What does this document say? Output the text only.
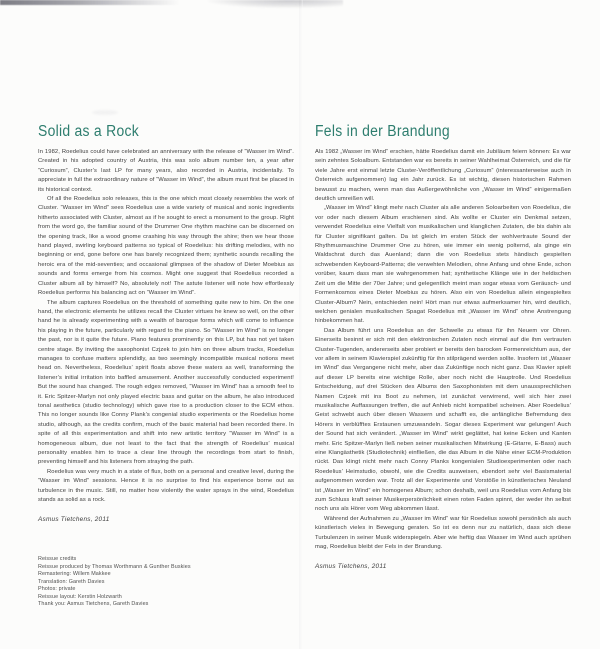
Solid as a Rock

In 1982, Roedelius could have celebrated an anniversary with the release of “Wasser im Wind”. Created in his adopted country of Austria, this was solo album number ten, a year after “Curiosum”, Cluster’s last LP for many years, also recorded in Austria, incidentally. To appreciate in full the extraordinary nature of “Wasser im Wind”, the album must first be placed in its historical context.

Of all the Roedelius solo releases, this is the one which most closely resembles the work of Cluster. “Wasser im Wind” sees Roedelius use a wide variety of musical and sonic ingredients hitherto associated with Cluster, almost as if he sought to erect a monument to the group. Right from the word go, the familiar sound of the Drummer One rhythm machine can be discerned on the opening track, like a wood gnome crashing his way through the shire; then we hear those hand played, swirling keyboard patterns so typical of Roedelius: his drifting melodies, with no beginning or end, gone before one has barely recognized them; synthetic sounds recalling the heroic era of the mid-seventies; and occasional glimpses of the shadow of Dieter Moebius as sounds and forms emerge from his cosmos. Might one suggest that Roedelius recorded a Cluster album all by himself? No, absolutely not! The astute listener will note how effortlessly Roedelius performs his balancing act on “Wasser im Wind”.

The album captures Roedelius on the threshold of something quite new to him. On the one hand, the electronic elements he utilizes recall the Cluster virtues he knew so well, on the other hand he is already experimenting with a wealth of baroque forms which will come to influence his playing in the future, particularly with regard to the piano. So “Wasser im Wind” is no longer the past, nor is it quite the future. Piano features prominently on this LP, but has not yet taken centre stage. By inviting the saxophonist Czjzek to join him on three album tracks, Roedelius manages to confuse matters splendidly, as two seemingly incompatible musical notions meet head on. Nevertheless, Roedelius’ spirit floats above these waters as well, transforming the listener’s initial irritation into baffled amusement. Another successfully conducted experiment! But the sound has changed. The rough edges removed, “Wasser im Wind” has a smooth feel to it. Eric Spitzer-Marlyn not only played electric bass and guitar on the album, he also introduced tonal aesthetics (studio technology) which gave rise to a production closer to the ECM ethos. This no longer sounds like Conny Plank’s congenial studio experiments or the Roedelius home studio, although, as the credits confirm, much of the basic material had been recorded there. In spite of all this experimentation and shift into new artistic territory “Wasser im Wind” is a homogeneous album, due not least to the fact that the strength of Roedelius’ musical personality enables him to trace a clear line through the recordings from start to finish, preventing himself and his listeners from straying the path.

Roedelius was very much in a state of flux, both on a personal and creative level, during the “Wasser im Wind” sessions. Hence it is no surprise to find his experience borne out as turbulence in the music. Still, no matter how violently the water sprays in the wind, Roedelius stands as solid as a rock.

Asmus Tietchens, 2011

Fels in der Brandung

Als 1982 „Wasser im Wind“ erschien, hätte Roedelius damit ein Jubiläum feiern können: Es war sein zehntes Soloalbum. Entstanden war es bereits in seiner Wahlheimat Österreich, und die für viele Jahre erst einmal letzte Cluster-Veröffentlichung „Curiosum“ (interessanterweise auch in Österreich aufgenommen) lag ein Jahr zurück. Es ist wichtig, diesen historischen Rahmen bewusst zu machen, wenn man das Außergewöhnliche von „Wasser im Wind“ einigermaßen deutlich umreißen will.

„Wasser im Wind“ klingt mehr nach Cluster als alle anderen Soloarbeiten von Roedelius, die vor oder nach diesem Album erschienen sind. Als wollte er Cluster ein Denkmal setzen, verwendet Roedelius eine Vielfalt von musikalischen und klanglichen Zutaten, die bis dahin als für Cluster signifikant galten. Da ist gleich im ersten Stück der wohlvertraute Sound der Rhythmusmaschine Drummer One zu hören, wie immer ein wenig polternd, als ginge ein Waldschrat durch das Auenland; dann die von Roedelius stets händisch gespielten schwebenden Keyboard-Patterns; die verwehten Melodien, ohne Anfang und ohne Ende, schon vorüber, kaum dass man sie wahrgenommen hat; synthetische Klänge wie in der heldischen Zeit um die Mitte der 70er Jahre; und gelegentlich meint man sogar etwas vom Geräusch- und Formenkosmos eines Dieter Moebius zu hören. Also ein von Roedelius allein eingespieltes Cluster-Album? Nein, entschieden nein! Hört man nur etwas aufmerksamer hin, wird deutlich, welchen genialen musikalischen Spagat Roedelius mit „Wasser im Wind“ ohne Anstrengung hinbekommen hat.

Das Album führt uns Roedelius an der Schwelle zu etwas für ihn Neuem vor Ohren. Einerseits besinnt er sich mit den elektronischen Zutaten noch einmal auf die ihm vertrauten Cluster-Tugenden, andererseits aber probiert er bereits den barocken Formenreichtum aus, der vor allem in seinem Klavierspiel zukünftig für ihn stilprägend werden sollte. Insofern ist „Wasser im Wind“ das Vergangene nicht mehr, aber das Zukünftige noch nicht ganz. Das Klavier spielt auf dieser LP bereits eine wichtige Rolle, aber noch nicht die Hauptrolle. Und Roedelius Entscheidung, auf drei Stücken des Albums den Saxophonisten mit dem unaussprechlichen Namen Czjzek mit ins Boot zu nehmen, ist zunächst verwirrend, weil sich hier zwei musikalische Auffassungen treffen, die auf Anhieb nicht kompatibel scheinen. Aber Roedelius’ Geist schwebt auch über diesen Wassern und schafft es, die anfängliche Befremdung des Hörers in verblüfftes Erstaunen umzuwandeln. Sogar dieses Experiment war gelungen! Auch der Sound hat sich verändert. „Wasser im Wind“ wirkt geglättet, hat keine Ecken und Kanten mehr. Eric Spitzer-Marlyn ließ neben seiner musikalischen Mitwirkung (E-Gitarre, E-Bass) auch eine Klangästhetik (Studiotechnik) einfließen, die das Album in die Nähe einer ECM-Produktion rückt. Das klingt nicht mehr nach Conny Planks kongenialen Studioexperimenten oder nach Roedelius’ Heimstudio, obwohl, wie die Credits ausweisen, ebendort sehr viel Basismaterial aufgenommen worden war. Trotz all der Experimente und Vorstöße in künstlerisches Neuland ist „Wasser im Wind“ ein homogenes Album; schon deshalb, weil uns Roedelius vom Anfang bis zum Schluss kraft seiner Musikerpersönlichkeit einen roten Faden spinnt, der weder ihn selbst noch uns als Hörer vom Weg abkommen lässt.

Während der Aufnahmen zu „Wasser im Wind“ war für Roedelius sowohl persönlich als auch künstlerisch vieles in Bewegung geraten. So ist es denn nur zu natürlich, dass sich diese Turbulenzen in seiner Musik widerspiegeln. Aber wie heftig das Wasser im Wind auch sprühen mag, Roedelius bleibt der Fels in der Brandung.

Asmus Tietchens, 2011

Reissue credits
Reissue produced by Thomas Worthmann & Gunther Buskies
Remastering: Willem Makkee
Translation: Gareth Davies
Photos: private
Reissue layout: Kerstin Holzwarth
Thank you: Asmus Tietchens, Gareth Davies
